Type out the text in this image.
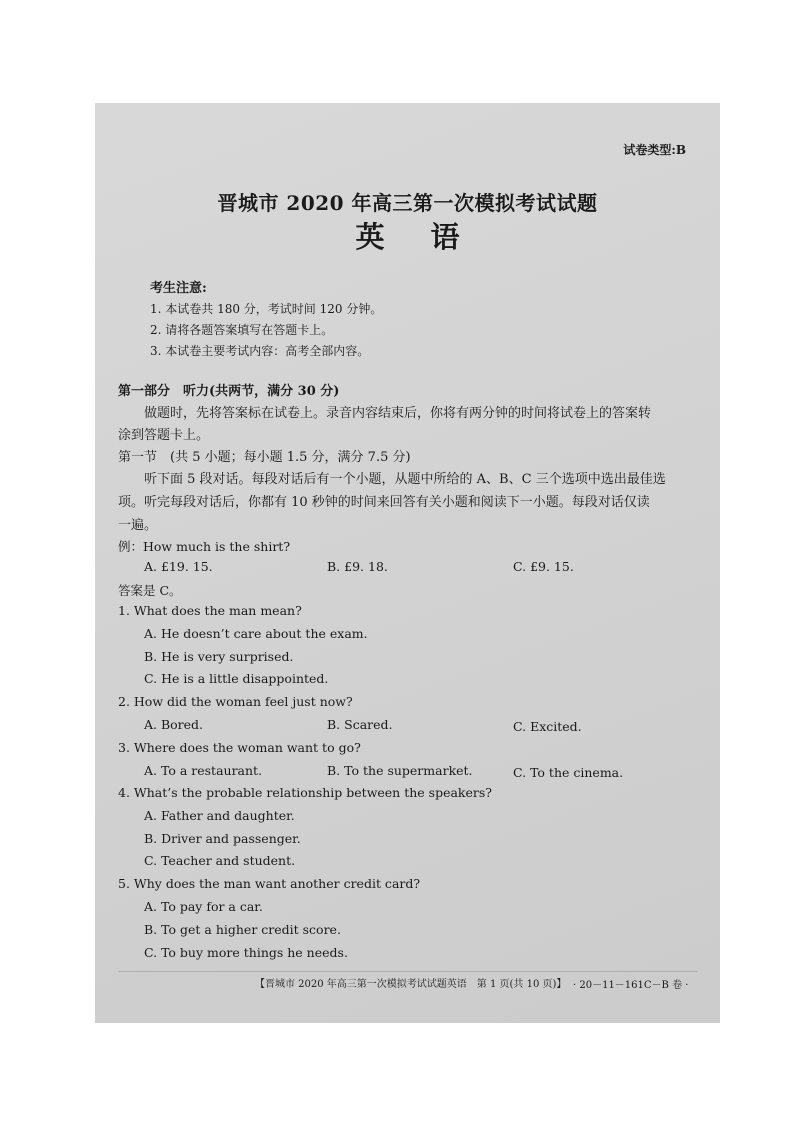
试卷类型:B
晋城市 2020 年高三第一次模拟考试试题
英语
考生注意:
1. 本试卷共 180 分，考试时间 120 分钟。
2. 请将各题答案填写在答题卡上。
3. 本试卷主要考试内容：高考全部内容。
第一部分　听力(共两节，满分 30 分)
做题时，先将答案标在试卷上。录音内容结束后，你将有两分钟的时间将试卷上的答案转
涂到答题卡上。
第一节　(共 5 小题；每小题 1.5 分，满分 7.5 分)
听下面 5 段对话。每段对话后有一个小题，从题中所给的 A、B、C 三个选项中选出最佳选
项。听完每段对话后，你都有 10 秒钟的时间来回答有关小题和阅读下一小题。每段对话仅读
一遍。
例：How much is the shirt?
A. £19. 15.	B. £9. 18.	C. £9. 15.
答案是 C。
1. What does the man mean?
A. He doesn’t care about the exam.
B. He is very surprised.
C. He is a little disappointed.
2. How did the woman feel just now?
A. Bored.	B. Scared.	C. Excited.
3. Where does the woman want to go?
A. To a restaurant.	B. To the supermarket.	C. To the cinema.
4. What’s the probable relationship between the speakers?
A. Father and daughter.
B. Driver and passenger.
C. Teacher and student.
5. Why does the man want another credit card?
A. To pay for a car.
B. To get a higher credit score.
C. To buy more things he needs.
【晋城市 2020 年高三第一次模拟考试试题英语　第 1 页(共 10 页)】 · 20－11－161C－B 卷 ·
